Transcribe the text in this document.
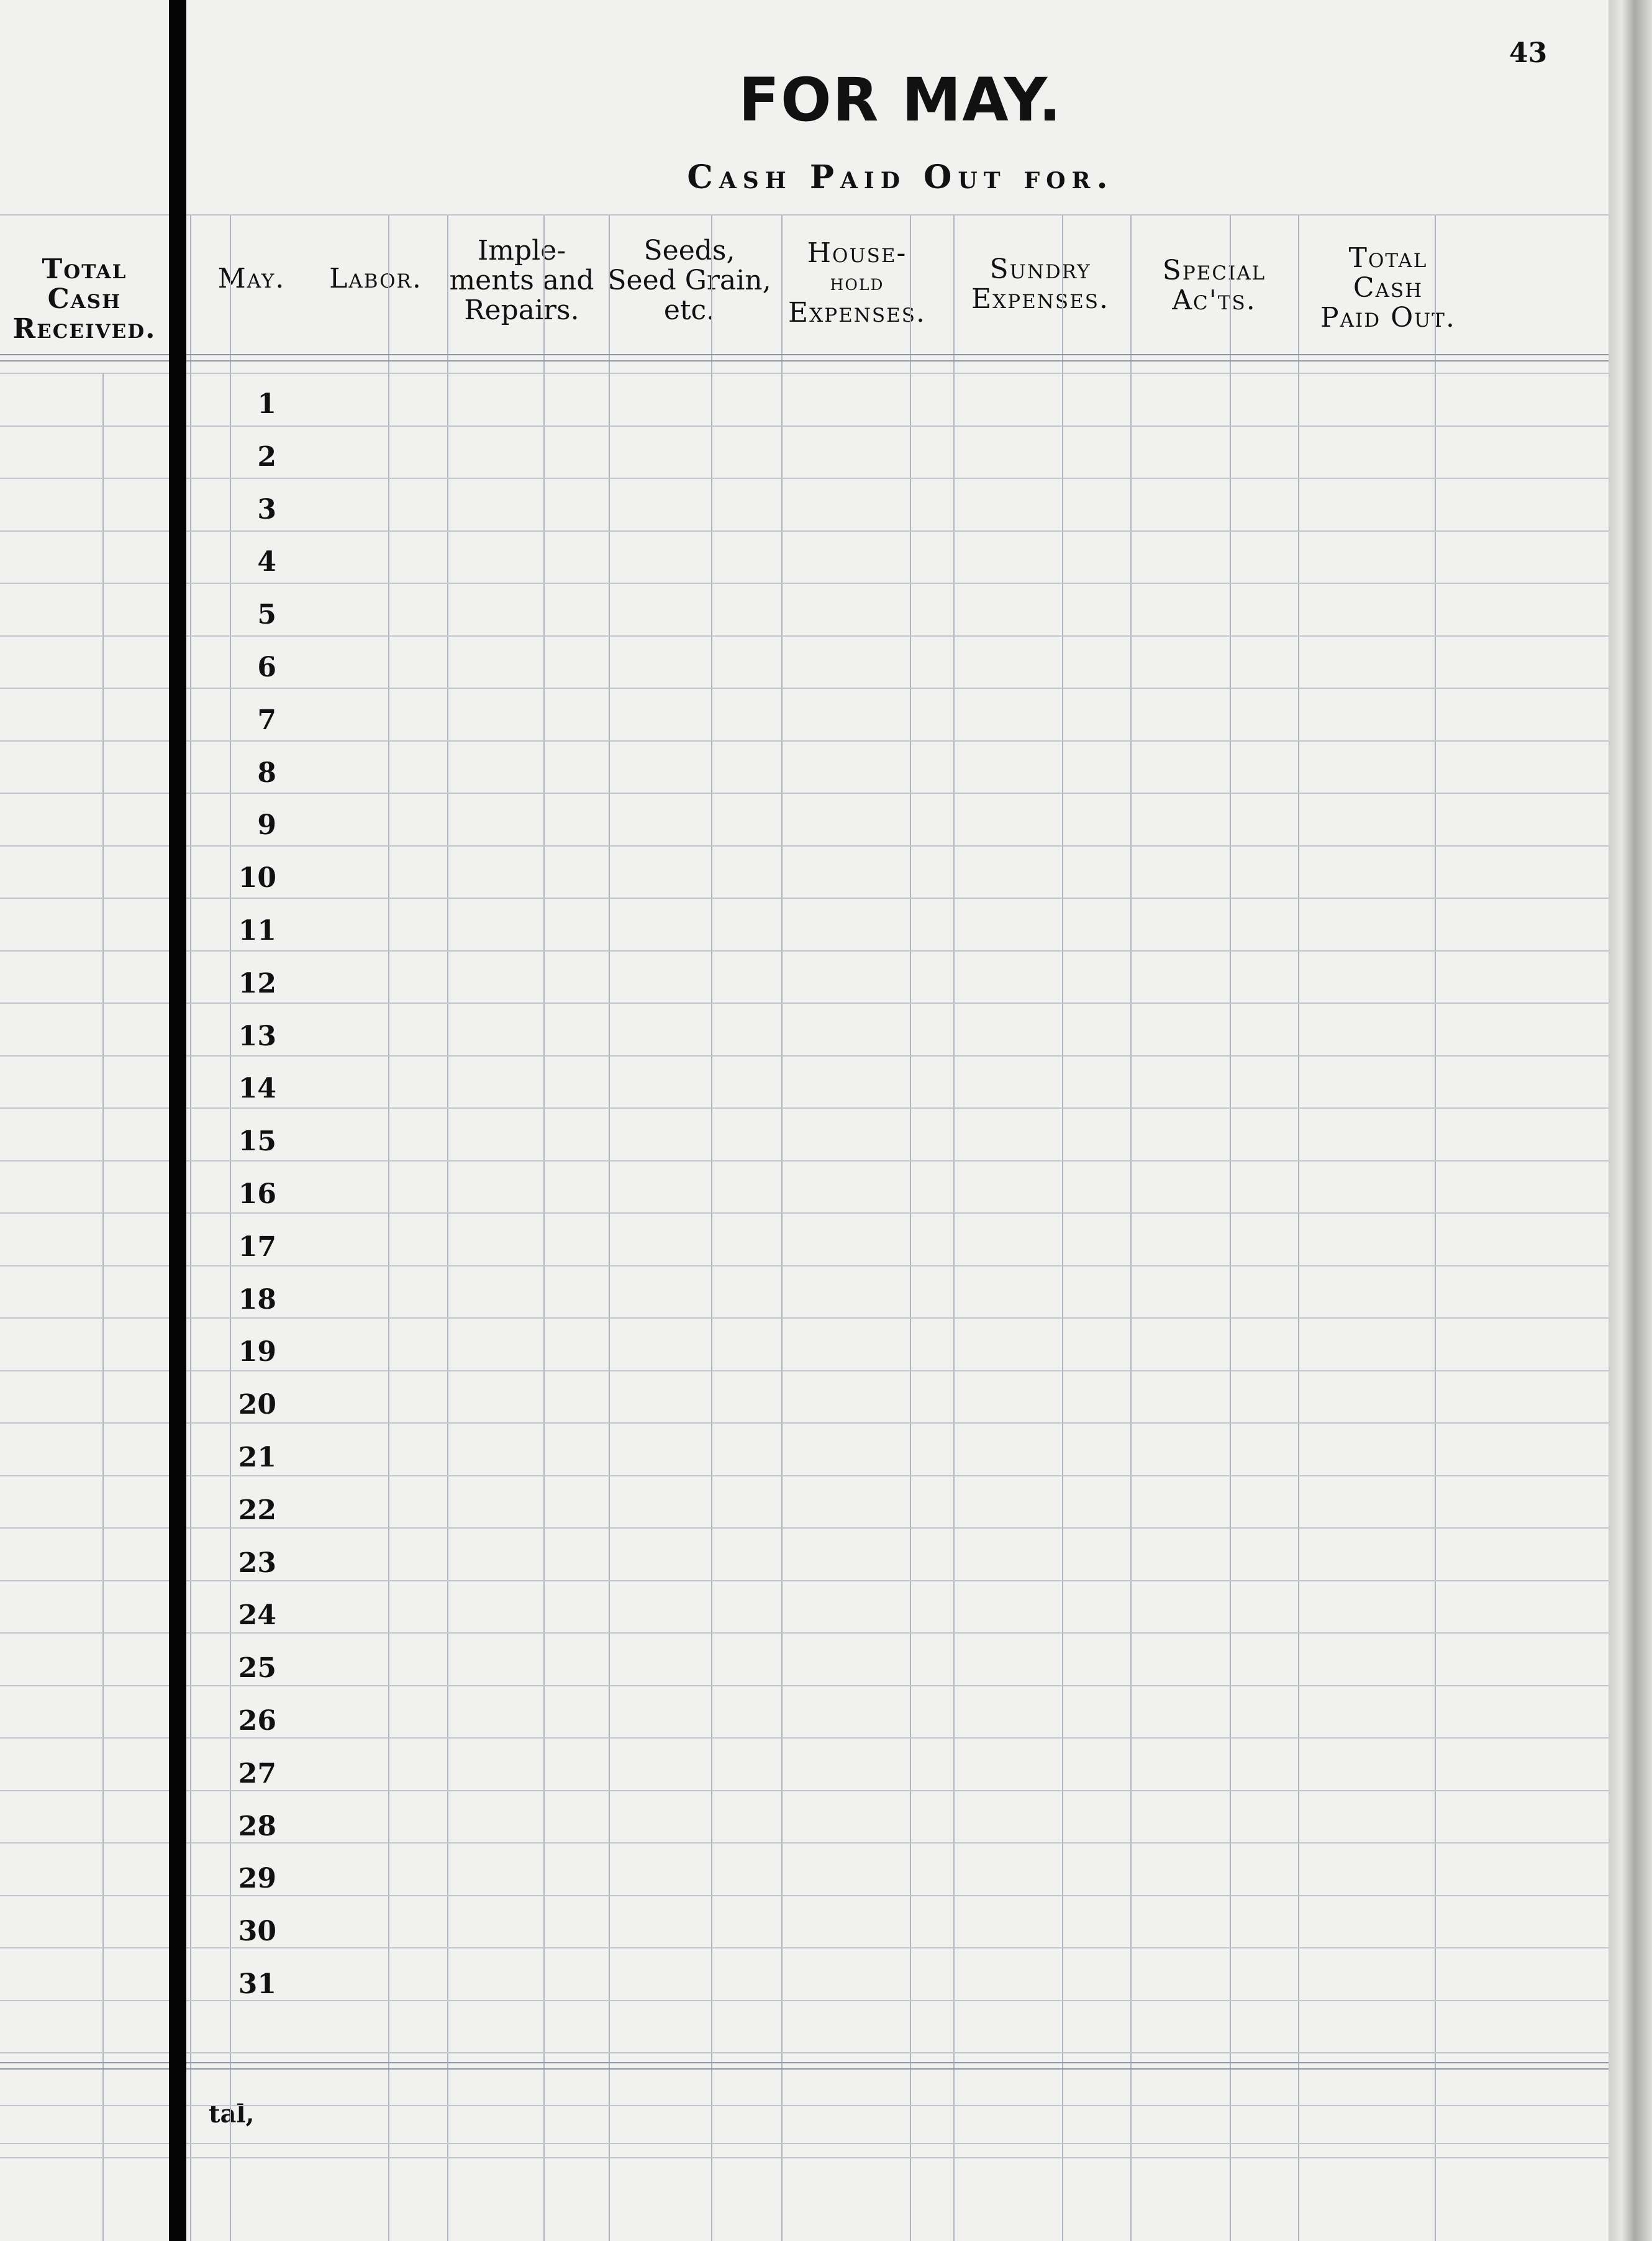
Total
Cash
Received.
43
FOR MAY.
Cash Paid Out for.
May.	Labor.
Imple-
ments and
Repairs.
Seeds,
Seed Grain,
etc.
House-
hold
Expenses.
Sundry
Expenses.
Special
Ac'ts.
Total
Cash
Paid Out.
1
2
3
4
5
6
7
8
9
10
11
12
13
14
15
16
17
18
19
20
21
22
23
24
25
26
27
28
29
30
31
tal,
